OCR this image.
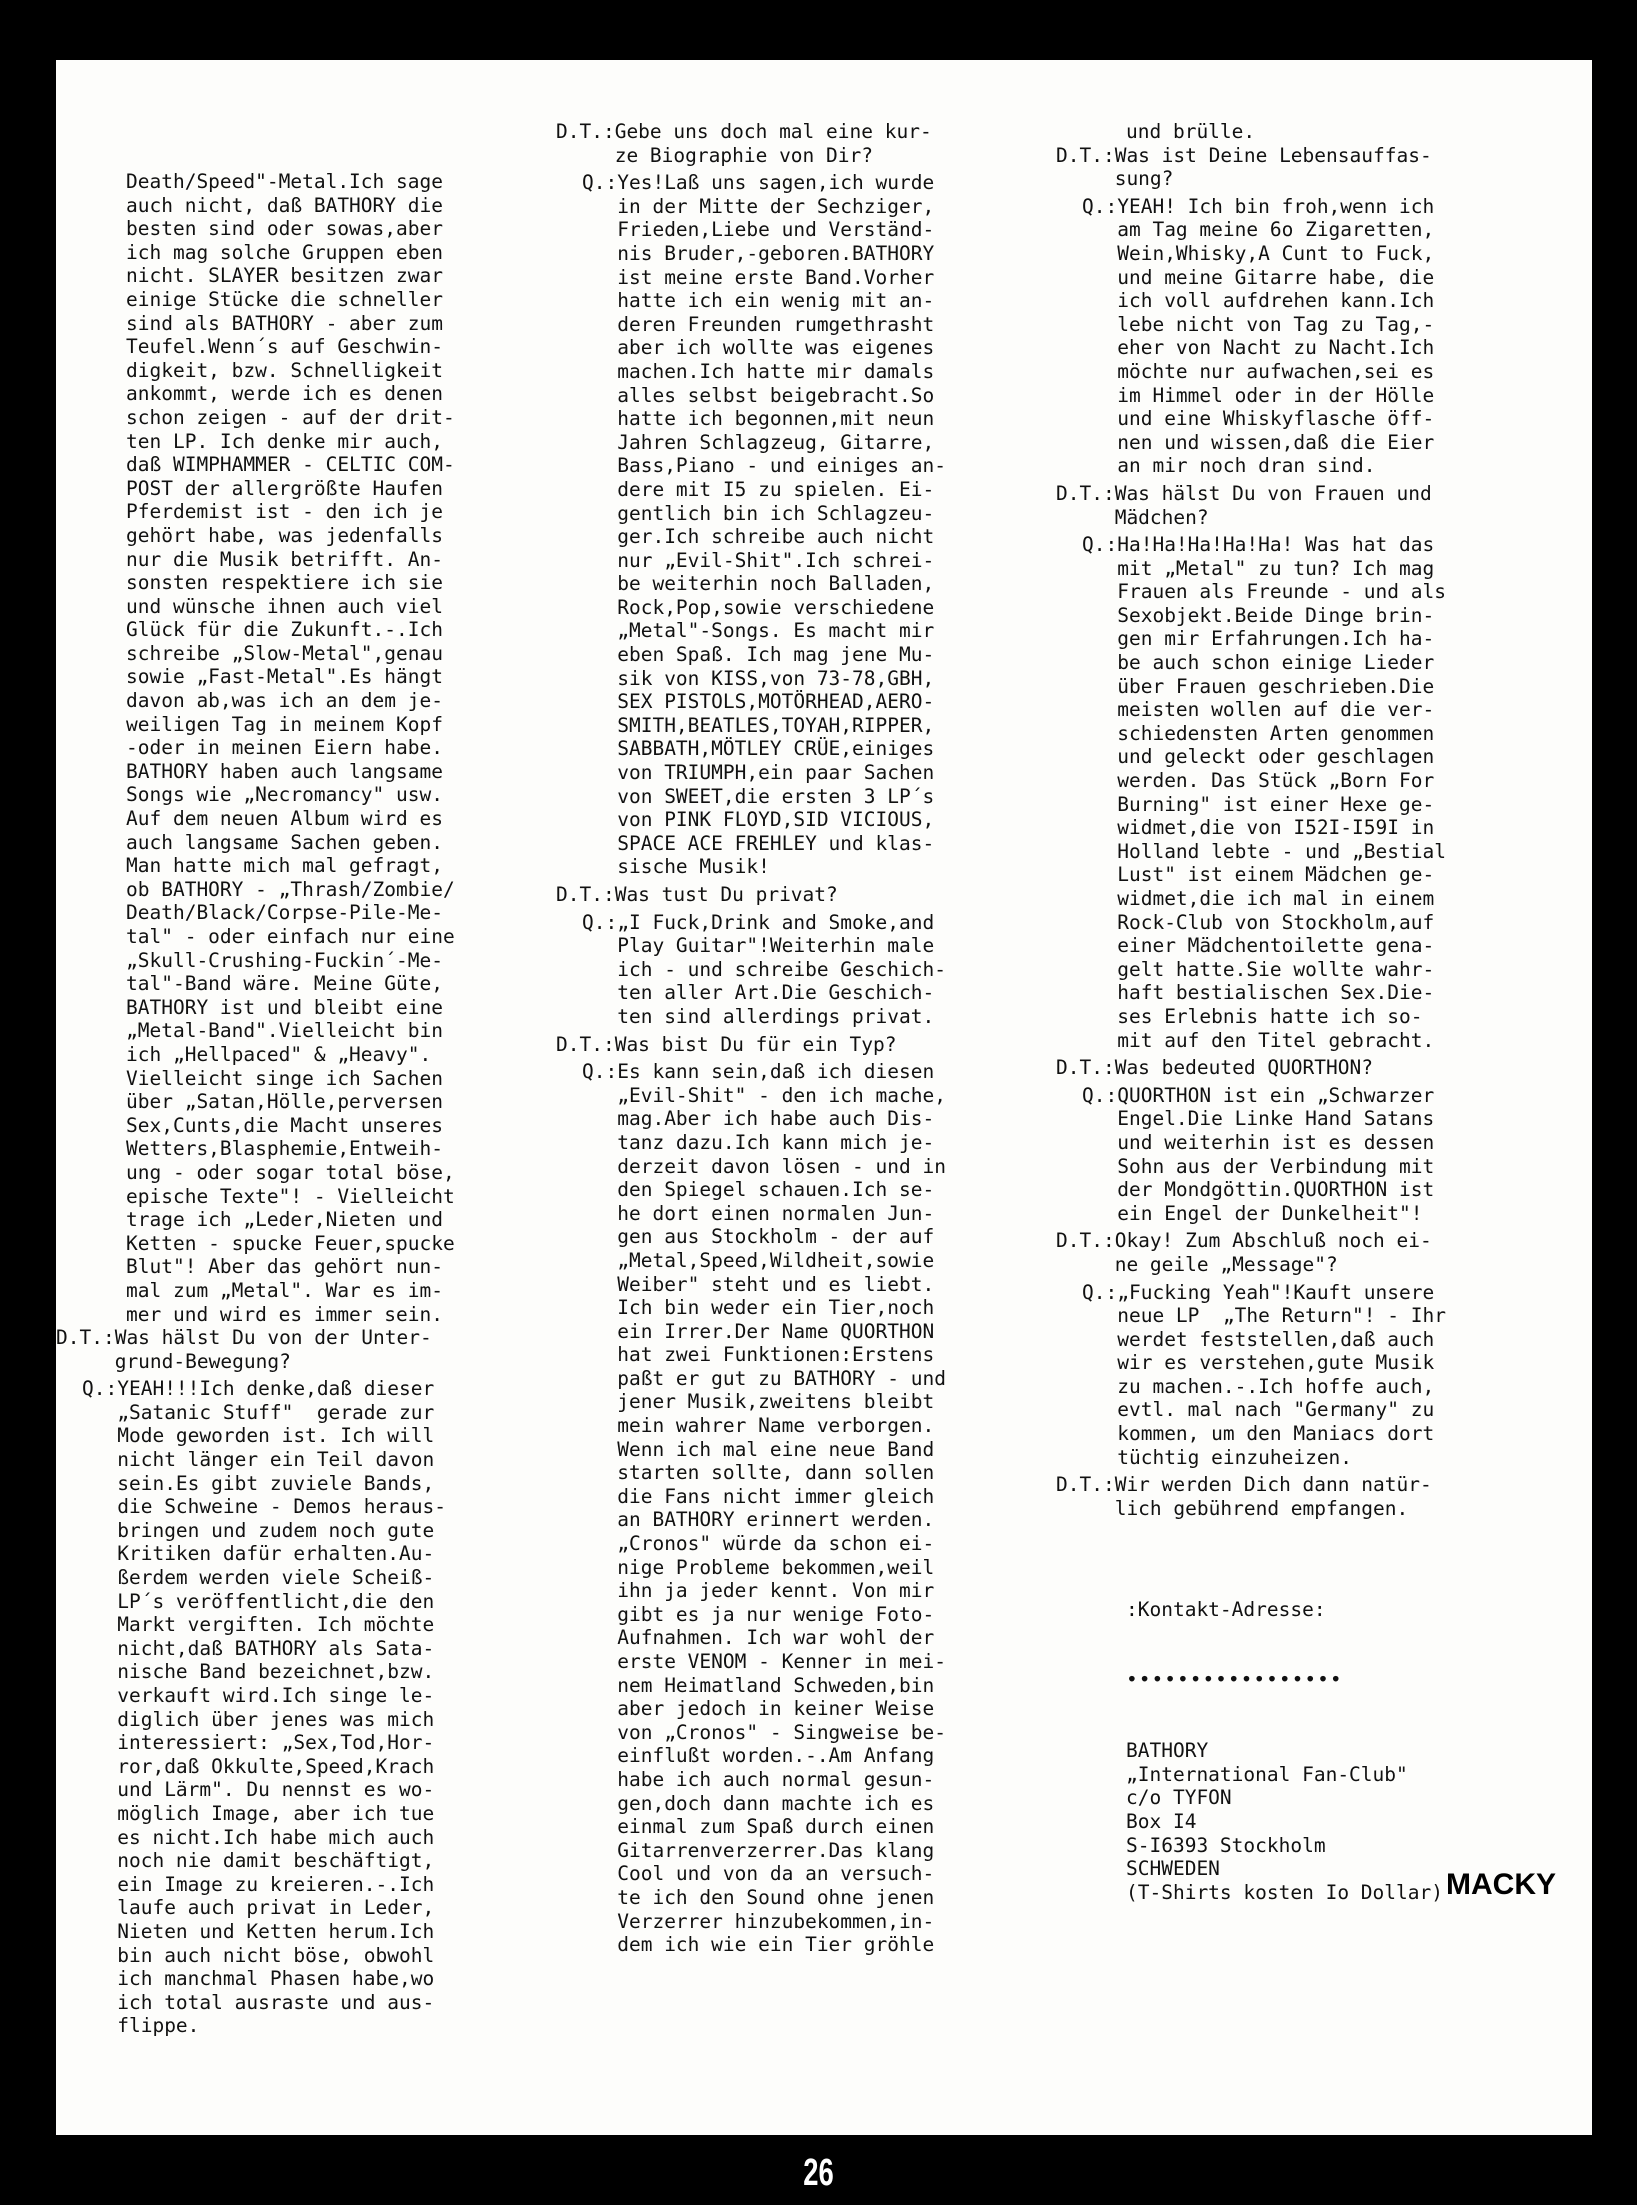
Death/Speed"-Metal.Ich sage
auch nicht, daß BATHORY die
besten sind oder sowas,aber
ich mag solche Gruppen eben
nicht. SLAYER besitzen zwar
einige Stücke die schneller
sind als BATHORY - aber zum
Teufel.Wenn´s auf Geschwin-
digkeit, bzw. Schnelligkeit
ankommt, werde ich es denen
schon zeigen - auf der drit-
ten LP. Ich denke mir auch,
daß WIMPHAMMER - CELTIC COM-
POST der allergrößte Haufen
Pferdemist ist - den ich je
gehört habe, was jedenfalls
nur die Musik betrifft. An-
sonsten respektiere ich sie
und wünsche ihnen auch viel
Glück für die Zukunft.-.Ich
schreibe „Slow-Metal",genau
sowie „Fast-Metal".Es hängt
davon ab,was ich an dem je-
weiligen Tag in meinem Kopf
-oder in meinen Eiern habe.
BATHORY haben auch langsame
Songs wie „Necromancy" usw.
Auf dem neuen Album wird es
auch langsame Sachen geben.
Man hatte mich mal gefragt,
ob BATHORY - „Thrash/Zombie/
Death/Black/Corpse-Pile-Me-
tal" - oder einfach nur eine
„Skull-Crushing-Fuckin´-Me-
tal"-Band wäre. Meine Güte,
BATHORY ist und bleibt eine
„Metal-Band".Vielleicht bin
ich „Hellpaced" & „Heavy".
Vielleicht singe ich Sachen
über „Satan,Hölle,perversen
Sex,Cunts,die Macht unseres
Wetters,Blasphemie,Entweih-
ung - oder sogar total böse,
epische Texte"! - Vielleicht
trage ich „Leder,Nieten und
Ketten - spucke Feuer,spucke
Blut"! Aber das gehört nun-
mal zum „Metal". War es im-
mer und wird es immer sein.
D.T.: Was hälst Du von der Unter-
grund-Bewegung?
Q.: YEAH!!!Ich denke,daß dieser
„Satanic Stuff"  gerade zur
Mode geworden ist. Ich will
nicht länger ein Teil davon
sein.Es gibt zuviele Bands,
die Schweine - Demos heraus-
bringen und zudem noch gute
Kritiken dafür erhalten.Au-
ßerdem werden viele Scheiß-
LP´s veröffentlicht,die den
Markt vergiften. Ich möchte
nicht,daß BATHORY als Sata-
nische Band bezeichnet,bzw.
verkauft wird.Ich singe le-
diglich über jenes was mich
interessiert: „Sex,Tod,Hor-
ror,daß Okkulte,Speed,Krach
und Lärm". Du nennst es wo-
möglich Image, aber ich tue
es nicht.Ich habe mich auch
noch nie damit beschäftigt,
ein Image zu kreieren.-.Ich
laufe auch privat in Leder,
Nieten und Ketten herum.Ich
bin auch nicht böse, obwohl
ich manchmal Phasen habe,wo
ich total ausraste und aus-
flippe.
D.T.: Gebe uns doch mal eine kur-
ze Biographie von Dir?
Q.: Yes!Laß uns sagen,ich wurde
in der Mitte der Sechziger,
Frieden,Liebe und Verständ-
nis Bruder,-geboren.BATHORY
ist meine erste Band.Vorher
hatte ich ein wenig mit an-
deren Freunden rumgethrasht
aber ich wollte was eigenes
machen.Ich hatte mir damals
alles selbst beigebracht.So
hatte ich begonnen,mit neun
Jahren Schlagzeug, Gitarre,
Bass,Piano - und einiges an-
dere mit I5 zu spielen. Ei-
gentlich bin ich Schlagzeu-
ger.Ich schreibe auch nicht
nur „Evil-Shit".Ich schrei-
be weiterhin noch Balladen,
Rock,Pop,sowie verschiedene
„Metal"-Songs. Es macht mir
eben Spaß. Ich mag jene Mu-
sik von KISS,von 73-78,GBH,
SEX PISTOLS,MOTÖRHEAD,AERO-
SMITH,BEATLES,TOYAH,RIPPER,
SABBATH,MÖTLEY CRÜE,einiges
von TRIUMPH,ein paar Sachen
von SWEET,die ersten 3 LP´s
von PINK FLOYD,SID VICIOUS,
SPACE ACE FREHLEY und klas-
sische Musik!
D.T.: Was tust Du privat?
Q.: „I Fuck,Drink and Smoke,and
Play Guitar"!Weiterhin male
ich - und schreibe Geschich-
ten aller Art.Die Geschich-
ten sind allerdings privat.
D.T.: Was bist Du für ein Typ?
Q.: Es kann sein,daß ich diesen
„Evil-Shit" - den ich mache,
mag.Aber ich habe auch Dis-
tanz dazu.Ich kann mich je-
derzeit davon lösen - und in
den Spiegel schauen.Ich se-
he dort einen normalen Jun-
gen aus Stockholm - der auf
„Metal,Speed,Wildheit,sowie
Weiber" steht und es liebt.
Ich bin weder ein Tier,noch
ein Irrer.Der Name QUORTHON
hat zwei Funktionen:Erstens
paßt er gut zu BATHORY - und
jener Musik,zweitens bleibt
mein wahrer Name verborgen.
Wenn ich mal eine neue Band
starten sollte, dann sollen
die Fans nicht immer gleich
an BATHORY erinnert werden.
„Cronos" würde da schon ei-
nige Probleme bekommen,weil
ihn ja jeder kennt. Von mir
gibt es ja nur wenige Foto-
Aufnahmen. Ich war wohl der
erste VENOM - Kenner in mei-
nem Heimatland Schweden,bin
aber jedoch in keiner Weise
von „Cronos" - Singweise be-
einflußt worden.-.Am Anfang
habe ich auch normal gesun-
gen,doch dann machte ich es
einmal zum Spaß durch einen
Gitarrenverzerrer.Das klang
Cool und von da an versuch-
te ich den Sound ohne jenen
Verzerrer hinzubekommen,in-
dem ich wie ein Tier gröhle
und brülle.
D.T.: Was ist Deine Lebensauffas-
sung?
Q.: YEAH! Ich bin froh,wenn ich
am Tag meine 6o Zigaretten,
Wein,Whisky,A Cunt to Fuck,
und meine Gitarre habe, die
ich voll aufdrehen kann.Ich
lebe nicht von Tag zu Tag,-
eher von Nacht zu Nacht.Ich
möchte nur aufwachen,sei es
im Himmel oder in der Hölle
und eine Whiskyflasche öff-
nen und wissen,daß die Eier
an mir noch dran sind.
D.T.: Was hälst Du von Frauen und
Mädchen?
Q.: Ha!Ha!Ha!Ha!Ha! Was hat das
mit „Metal" zu tun? Ich mag
Frauen als Freunde - und als
Sexobjekt.Beide Dinge brin-
gen mir Erfahrungen.Ich ha-
be auch schon einige Lieder
über Frauen geschrieben.Die
meisten wollen auf die ver-
schiedensten Arten genommen
und geleckt oder geschlagen
werden. Das Stück „Born For
Burning" ist einer Hexe ge-
widmet,die von I52I-I59I in
Holland lebte - und „Bestial
Lust" ist einem Mädchen ge-
widmet,die ich mal in einem
Rock-Club von Stockholm,auf
einer Mädchentoilette gena-
gelt hatte.Sie wollte wahr-
haft bestialischen Sex.Die-
ses Erlebnis hatte ich so-
mit auf den Titel gebracht.
D.T.: Was bedeuted QUORTHON?
Q.: QUORTHON ist ein „Schwarzer
Engel.Die Linke Hand Satans
und weiterhin ist es dessen
Sohn aus der Verbindung mit
der Mondgöttin.QUORTHON ist
ein Engel der Dunkelheit"!
D.T.: Okay! Zum Abschluß noch ei-
ne geile „Message"?
Q.: „Fucking Yeah"!Kauft unsere
neue LP  „The Return"! - Ihr
werdet feststellen,daß auch
wir es verstehen,gute Musik
zu machen.-.Ich hoffe auch,
evtl. mal nach "Germany" zu
kommen, um den Maniacs dort
tüchtig einzuheizen.
D.T.: Wir werden Dich dann natür-
lich gebührend empfangen.

:Kontakt-Adresse:

•••••••••••••••••

BATHORY
„International Fan-Club"
c/o TYFON
Box I4
S-I6393 Stockholm
SCHWEDEN
(T-Shirts kosten Io Dollar)

MACKY
26
